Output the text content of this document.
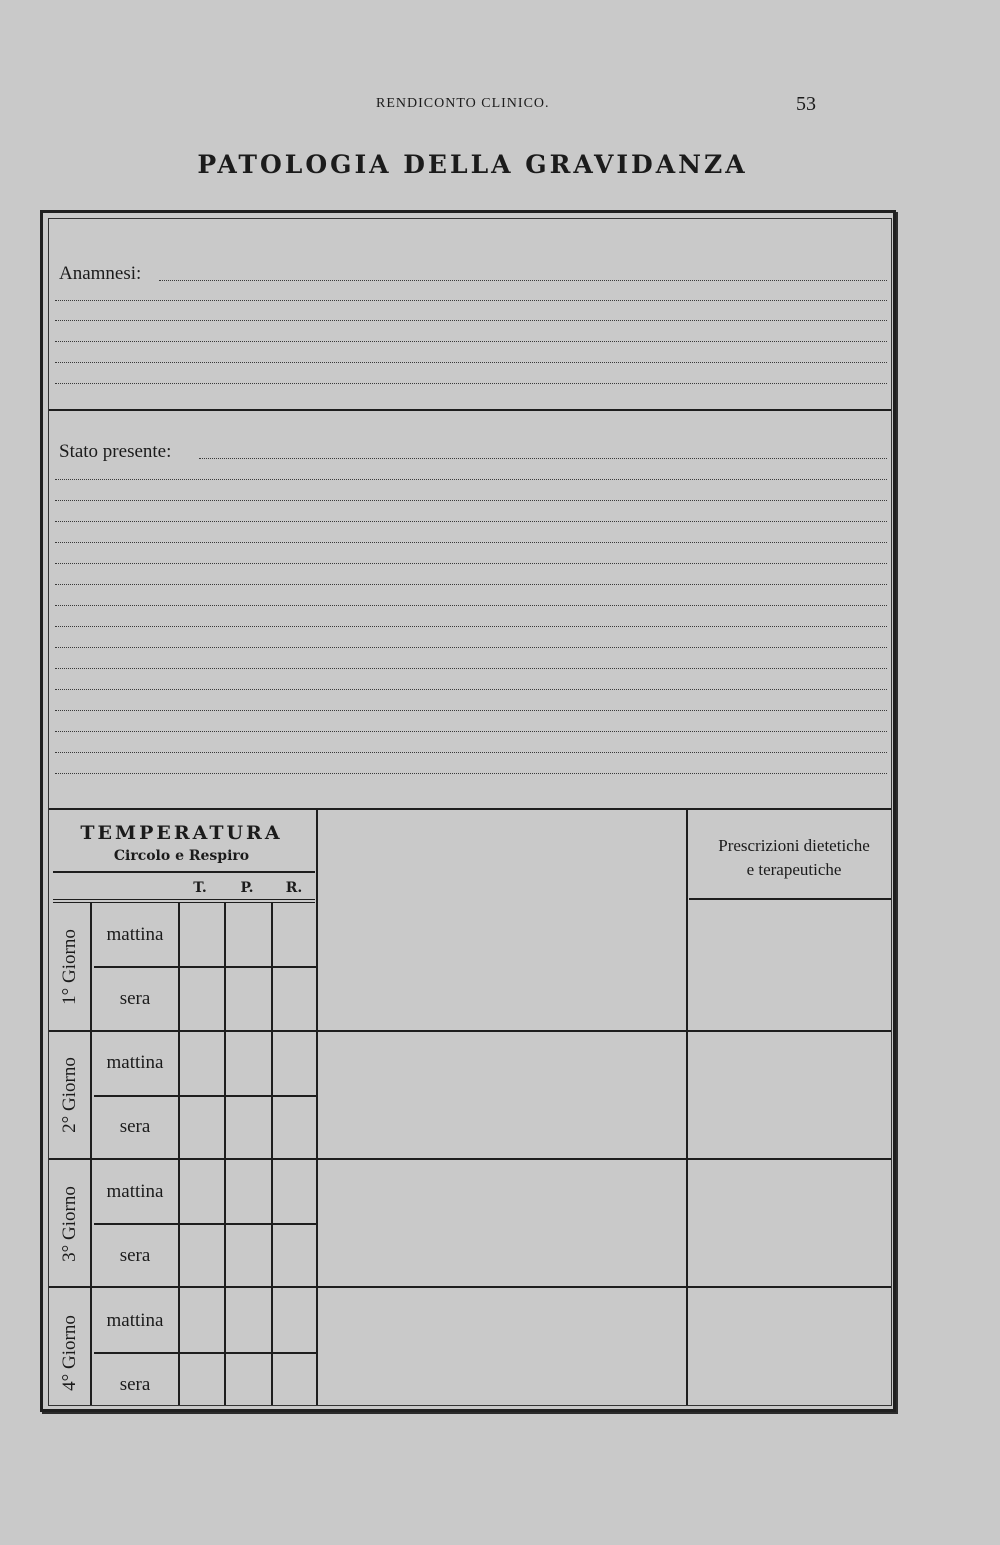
RENDICONTO CLINICO.	53
PATOLOGIA DELLA GRAVIDANZA
Anamnesi:
Stato presente:
TEMPERATURA
Circolo e Respiro
T.	P.	R.
Prescrizioni dietetiche
e terapeutiche
1° Giorno	mattina
sera
2° Giorno	mattina
sera
3° Giorno	mattina
sera
4° Giorno	mattina
sera
